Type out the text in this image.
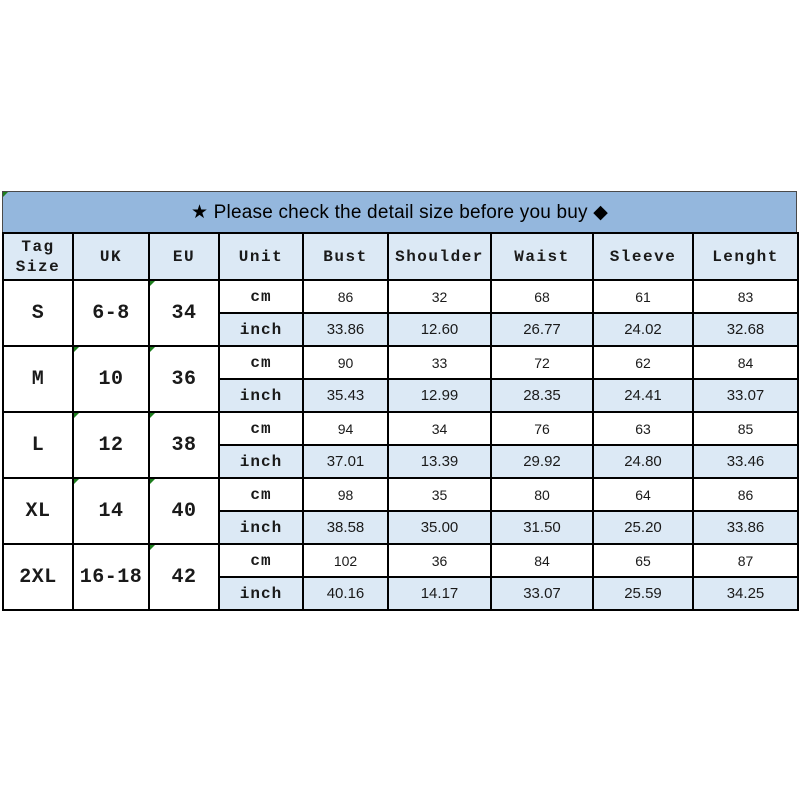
★ Please check the detail size before you buy ◆
Tag Size	UK	EU	Unit	Bust	Shoulder	Waist	Sleeve	Lenght
S	6-8	34	cm	86	32	68	61	83
			inch	33.86	12.60	26.77	24.02	32.68
M	10	36	cm	90	33	72	62	84
			inch	35.43	12.99	28.35	24.41	33.07
L	12	38	cm	94	34	76	63	85
			inch	37.01	13.39	29.92	24.80	33.46
XL	14	40	cm	98	35	80	64	86
			inch	38.58	35.00	31.50	25.20	33.86
2XL	16-18	42	cm	102	36	84	65	87
			inch	40.16	14.17	33.07	25.59	34.25
